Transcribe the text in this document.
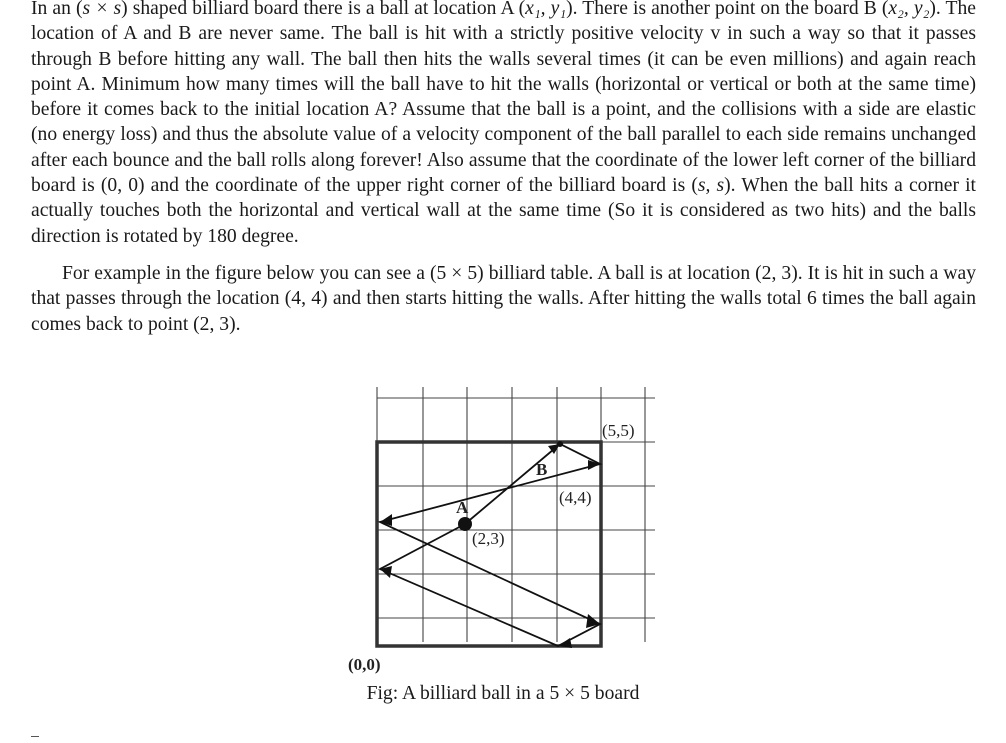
In an (s × s) shaped billiard board there is a ball at location A (x₁, y₁). There is another point on the board B (x₂, y₂). The location of A and B are never same. The ball is hit with a strictly positive velocity v in such a way so that it passes through B before hitting any wall. The ball then hits the walls several times (it can be even millions) and again reach point A. Minimum how many times will the ball have to hit the walls (horizontal or vertical or both at the same time) before it comes back to the initial location A? Assume that the ball is a point, and the collisions with a side are elastic (no energy loss) and thus the absolute value of a velocity component of the ball parallel to each side remains unchanged after each bounce and the ball rolls along forever! Also assume that the coordinate of the lower left corner of the billiard board is (0, 0) and the coordinate of the upper right corner of the billiard board is (s, s). When the ball hits a corner it actually touches both the horizontal and vertical wall at the same time (So it is considered as two hits) and the balls direction is rotated by 180 degree.

For example in the figure below you can see a (5 × 5) billiard table. A ball is at location (2, 3). It is hit in such a way that passes through the location (4, 4) and then starts hitting the walls. After hitting the walls total 6 times the ball again comes back to point (2, 3).

A
B
(2,3)
(4,4)
(5,5)
(0,0)
Fig: A billiard ball in a 5 × 5 board
